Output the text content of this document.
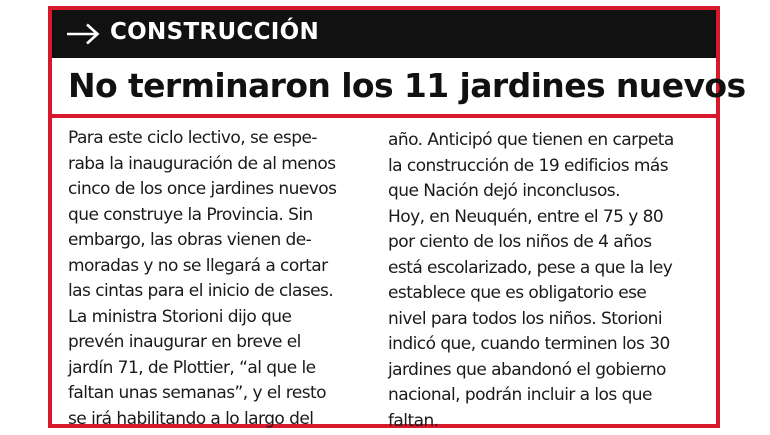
CONSTRUCCIÓN
No terminaron los 11 jardines nuevos

Para este ciclo lectivo, se espe-
raba la inauguración de al menos
cinco de los once jardines nuevos
que construye la Provincia. Sin
embargo, las obras vienen de-
moradas y no se llegará a cortar
las cintas para el inicio de clases.
La ministra Storioni dijo que
prevén inaugurar en breve el
jardín 71, de Plottier, “al que le
faltan unas semanas”, y el resto
se irá habilitando a lo largo del

año. Anticipó que tienen en carpeta
la construcción de 19 edificios más
que Nación dejó inconclusos.
Hoy, en Neuquén, entre el 75 y 80
por ciento de los niños de 4 años
está escolarizado, pese a que la ley
establece que es obligatorio ese
nivel para todos los niños. Storioni
indicó que, cuando terminen los 30
jardines que abandonó el gobierno
nacional, podrán incluir a los que
faltan.
